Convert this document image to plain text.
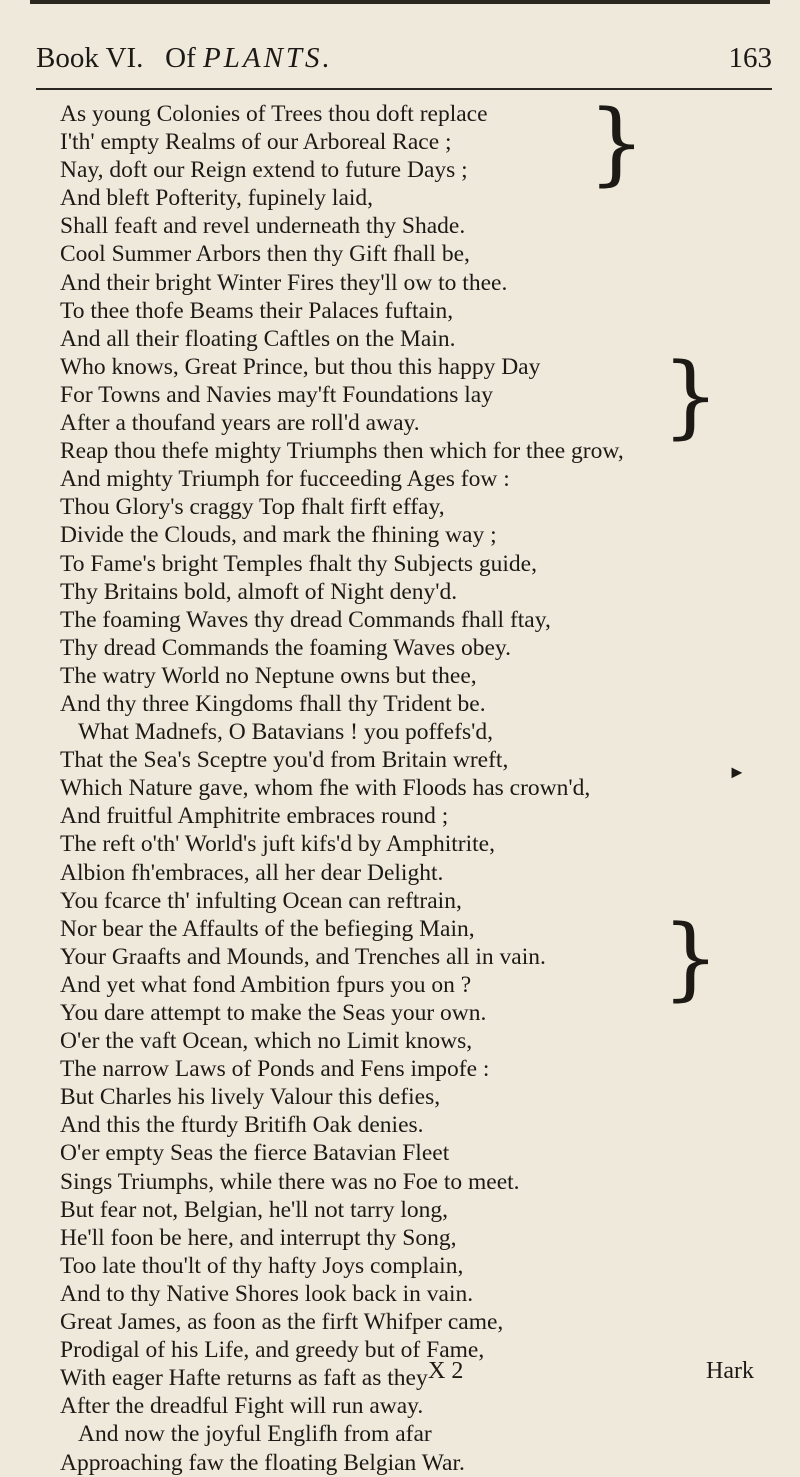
Book VI. Of PLANTS.	163
As young Colonies of Trees thou doft replace
I'th' empty Realms of our Arboreal Race ;
Nay, doft our Reign extend to future Days ;
And bleft Pofterity, fupinely laid,
Shall feaft and revel underneath thy Shade.
Cool Summer Arbors then thy Gift fhall be,
And their bright Winter Fires they'll ow to thee.
To thee thofe Beams their Palaces fuftain,
And all their floating Caftles on the Main.
Who knows, Great Prince, but thou this happy Day
For Towns and Navies may'ft Foundations lay
After a thoufand years are roll'd away.
Reap thou thefe mighty Triumphs then which for thee grow,
And mighty Triumph for fucceeding Ages fow :
Thou Glory's craggy Top fhalt firft effay,
Divide the Clouds, and mark the fhining way ;
To Fame's bright Temples fhalt thy Subjects guide,
Thy Britains bold, almoft of Night deny'd.
The foaming Waves thy dread Commands fhall ftay,
Thy dread Commands the foaming Waves obey.
The watry World no Neptune owns but thee,
And thy three Kingdoms fhall thy Trident be.
What Madnefs, O Batavians ! you poffefs'd,
That the Sea's Sceptre you'd from Britain wreft,
Which Nature gave, whom fhe with Floods has crown'd,
And fruitful Amphitrite embraces round ;
The reft o'th' World's juft kifs'd by Amphitrite,
Albion fh'embraces, all her dear Delight.
You fcarce th' infulting Ocean can reftrain,
Nor bear the Affaults of the befieging Main,
Your Graafts and Mounds, and Trenches all in vain.
And yet what fond Ambition fpurs you on ?
You dare attempt to make the Seas your own.
O'er the vaft Ocean, which no Limit knows,
The narrow Laws of Ponds and Fens impofe :
But Charles his lively Valour this defies,
And this the fturdy Britifh Oak denies.
O'er empty Seas the fierce Batavian Fleet
Sings Triumphs, while there was no Foe to meet.
But fear not, Belgian, he'll not tarry long,
He'll foon be here, and interrupt thy Song,
Too late thou'lt of thy hafty Joys complain,
And to thy Native Shores look back in vain.
Great James, as foon as the firft Whifper came,
Prodigal of his Life, and greedy but of Fame,
With eager Hafte returns as faft as they
After the dreadful Fight will run away.
And now the joyful Englifh from afar
Approaching faw the floating Belgian War.
}
}
}
►
X 2	Hark
